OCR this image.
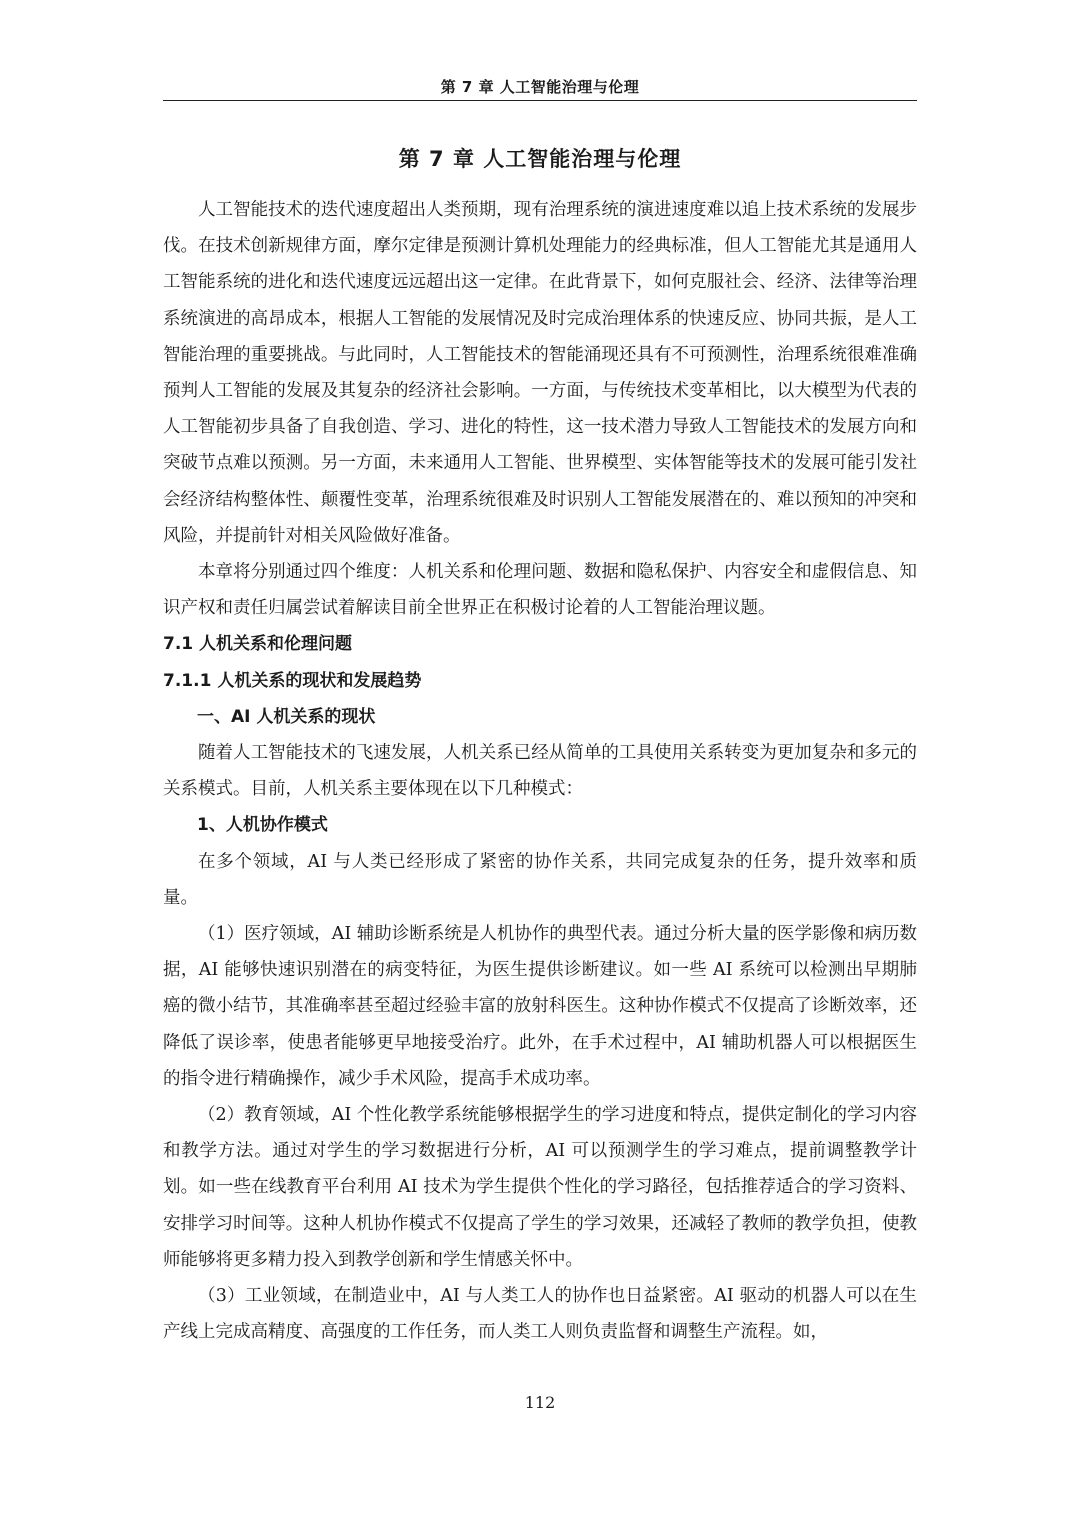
第 7 章 人工智能治理与伦理
第 7 章 人工智能治理与伦理

人工智能技术的迭代速度超出人类预期，现有治理系统的演进速度难以追上技术系统的发展步伐。在技术创新规律方面，摩尔定律是预测计算机处理能力的经典标准，但人工智能尤其是通用人工智能系统的进化和迭代速度远远超出这一定律。在此背景下，如何克服社会、经济、法律等治理系统演进的高昂成本，根据人工智能的发展情况及时完成治理体系的快速反应、协同共振，是人工智能治理的重要挑战。与此同时，人工智能技术的智能涌现还具有不可预测性，治理系统很难准确预判人工智能的发展及其复杂的经济社会影响。一方面，与传统技术变革相比，以大模型为代表的人工智能初步具备了自我创造、学习、进化的特性，这一技术潜力导致人工智能技术的发展方向和突破节点难以预测。另一方面，未来通用人工智能、世界模型、实体智能等技术的发展可能引发社会经济结构整体性、颠覆性变革，治理系统很难及时识别人工智能发展潜在的、难以预知的冲突和风险，并提前针对相关风险做好准备。

本章将分别通过四个维度：人机关系和伦理问题、数据和隐私保护、内容安全和虚假信息、知识产权和责任归属尝试着解读目前全世界正在积极讨论着的人工智能治理议题。

7.1 人机关系和伦理问题
7.1.1 人机关系的现状和发展趋势
一、AI 人机关系的现状

随着人工智能技术的飞速发展，人机关系已经从简单的工具使用关系转变为更加复杂和多元的关系模式。目前，人机关系主要体现在以下几种模式：

1、人机协作模式

在多个领域，AI 与人类已经形成了紧密的协作关系，共同完成复杂的任务，提升效率和质量。

（1）医疗领域，AI 辅助诊断系统是人机协作的典型代表。通过分析大量的医学影像和病历数据，AI 能够快速识别潜在的病变特征，为医生提供诊断建议。如一些 AI 系统可以检测出早期肺癌的微小结节，其准确率甚至超过经验丰富的放射科医生。这种协作模式不仅提高了诊断效率，还降低了误诊率，使患者能够更早地接受治疗。此外，在手术过程中，AI 辅助机器人可以根据医生的指令进行精确操作，减少手术风险，提高手术成功率。

（2）教育领域，AI 个性化教学系统能够根据学生的学习进度和特点，提供定制化的学习内容和教学方法。通过对学生的学习数据进行分析，AI 可以预测学生的学习难点，提前调整教学计划。如一些在线教育平台利用 AI 技术为学生提供个性化的学习路径，包括推荐适合的学习资料、安排学习时间等。这种人机协作模式不仅提高了学生的学习效果，还减轻了教师的教学负担，使教师能够将更多精力投入到教学创新和学生情感关怀中。

（3）工业领域，在制造业中，AI 与人类工人的协作也日益紧密。AI 驱动的机器人可以在生产线上完成高精度、高强度的工作任务，而人类工人则负责监督和调整生产流程。如，

112
